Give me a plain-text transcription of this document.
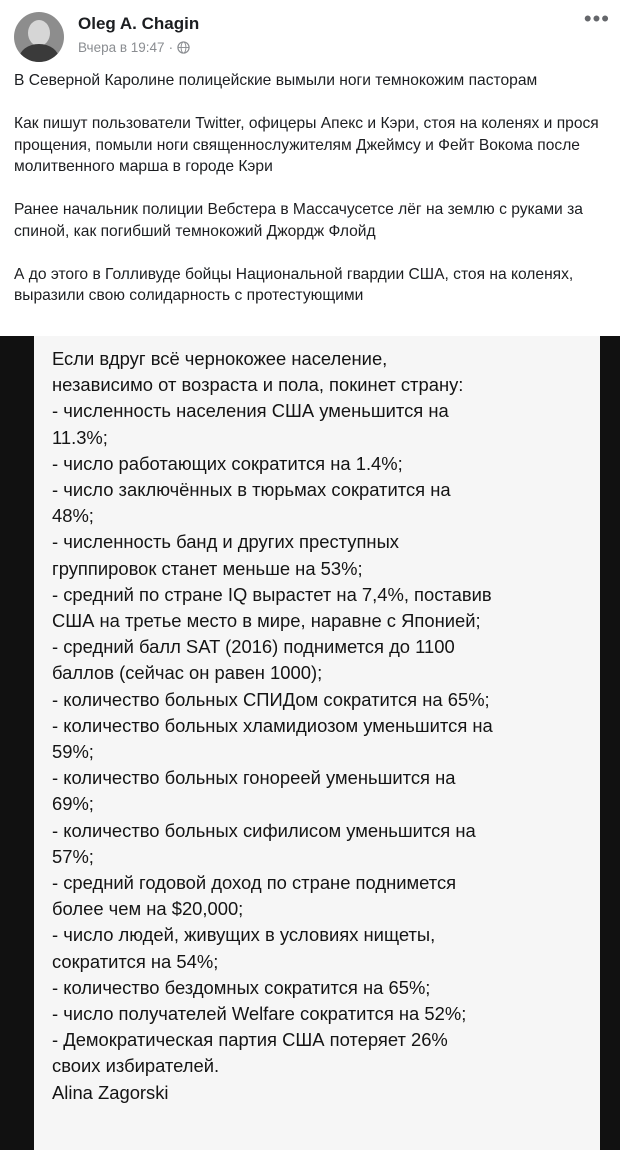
Oleg A. Chagin
Вчера в 19:47 ·
•••

В Северной Каролине полицейские вымыли ноги темнокожим пасторам

Как пишут пользователи Twitter, офицеры Апекс и Кэри, стоя на коленях и прося прощения, помыли ноги священнослужителям Джеймсу и Фейт Вокома после молитвенного марша в городе Кэри

Ранее начальник полиции Вебстера в Массачусетсе лёг на землю с руками за спиной, как погибший темнокожий Джордж Флойд

А до этого в Голливуде бойцы Национальной гвардии США, стоя на коленях, выразили свою солидарность с протестующими

Если вдруг всё чернокожее население,
независимо от возраста и пола, покинет страну:
- численность населения США уменьшится на
11.3%;
- число работающих сократится на 1.4%;
- число заключённых в тюрьмах сократится на
48%;
- численность банд и других преступных
группировок станет меньше на 53%;
- средний по стране IQ вырастет на 7,4%, поставив
США на третье место в мире, наравне с Японией;
- средний балл SAT (2016) поднимется до 1100
баллов (сейчас он равен 1000);
- количество больных СПИДом сократится на 65%;
- количество больных хламидиозом уменьшится на
59%;
- количество больных гонореей уменьшится на
69%;
- количество больных сифилисом уменьшится на
57%;
- средний годовой доход по стране поднимется
более чем на $20,000;
- число людей, живущих в условиях нищеты,
сократится на 54%;
- количество бездомных сократится на 65%;
- число получателей Welfare сократится на 52%;
- Демократическая партия США потеряет 26%
своих избирателей.
Alina Zagorski
